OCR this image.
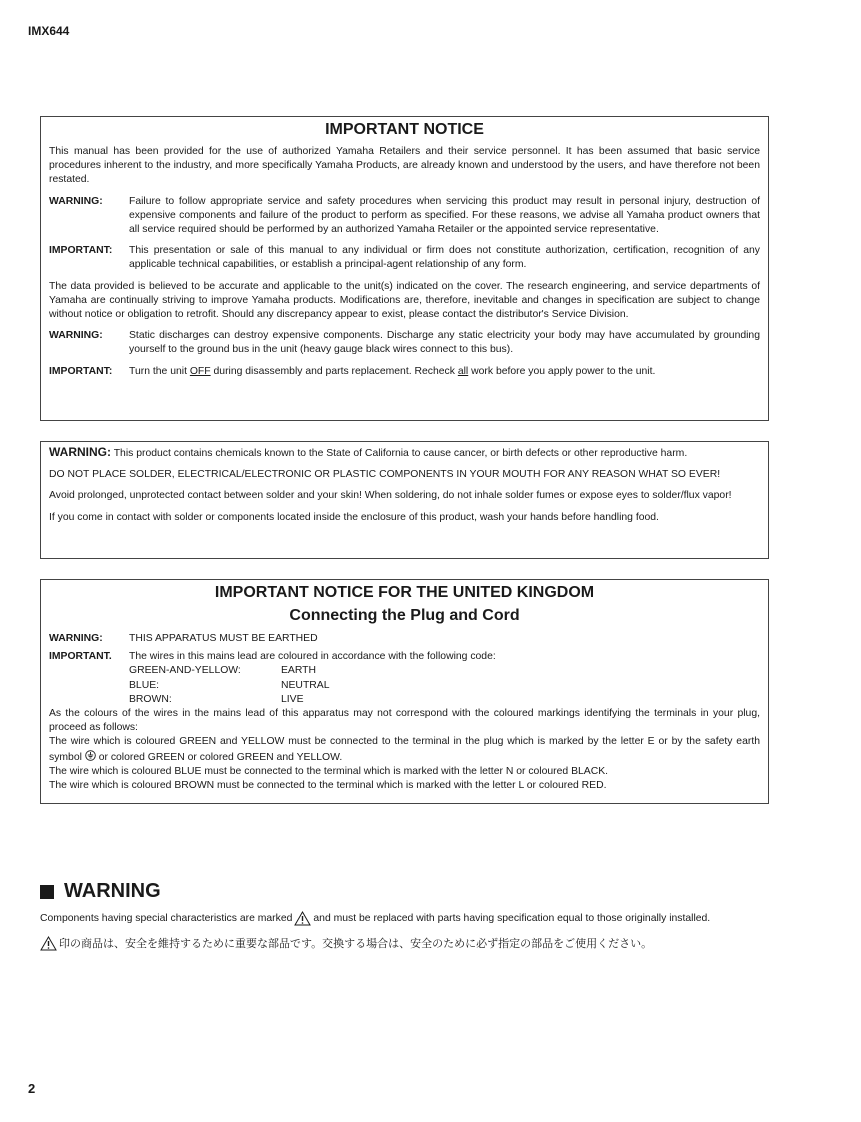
IMX644
IMPORTANT NOTICE

This manual has been provided for the use of authorized Yamaha Retailers and their service personnel. It has been assumed that basic service procedures inherent to the industry, and more specifically Yamaha Products, are already known and understood by the users, and have therefore not been restated.

WARNING:	Failure to follow appropriate service and safety procedures when servicing this product may result in personal injury, destruction of expensive components and failure of the product to perform as specified. For these reasons, we advise all Yamaha product owners that all service required should be performed by an authorized Yamaha Retailer or the appointed service representative.
IMPORTANT:	This presentation or sale of this manual to any individual or firm does not constitute authorization, certification, recognition of any applicable technical capabilities, or establish a principal-agent relationship of any form.

The data provided is believed to be accurate and applicable to the unit(s) indicated on the cover. The research engineering, and service departments of Yamaha are continually striving to improve Yamaha products. Modifications are, therefore, inevitable and changes in specification are subject to change without notice or obligation to retrofit. Should any discrepancy appear to exist, please contact the distributor's Service Division.

WARNING:	Static discharges can destroy expensive components. Discharge any static electricity your body may have accumulated by grounding yourself to the ground bus in the unit (heavy gauge black wires connect to this bus).
IMPORTANT:	Turn the unit OFF during disassembly and parts replacement. Recheck all work before you apply power to the unit.

WARNING: This product contains chemicals known to the State of California to cause cancer, or birth defects or other reproductive harm.

DO NOT PLACE SOLDER, ELECTRICAL/ELECTRONIC OR PLASTIC COMPONENTS IN YOUR MOUTH FOR ANY REASON WHAT SO EVER!

Avoid prolonged, unprotected contact between solder and your skin! When soldering, do not inhale solder fumes or expose eyes to solder/flux vapor!

If you come in contact with solder or components located inside the enclosure of this product, wash your hands before handling food.

IMPORTANT NOTICE FOR THE UNITED KINGDOM
Connecting the Plug and Cord
WARNING:	THIS APPARATUS MUST BE EARTHED
IMPORTANT.	The wires in this mains lead are coloured in accordance with the following code:
GREEN-AND-YELLOW:	EARTH
BLUE:	NEUTRAL
BROWN:	LIVE

As the colours of the wires in the mains lead of this apparatus may not correspond with the coloured markings identifying the terminals in your plug, proceed as follows:

The wire which is coloured GREEN and YELLOW must be connected to the terminal in the plug which is marked by the letter E or by the safety earth symbol or colored GREEN or colored GREEN and YELLOW.

The wire which is coloured BLUE must be connected to the terminal which is marked with the letter N or coloured BLACK.

The wire which is coloured BROWN must be connected to the terminal which is marked with the letter L or coloured RED.

WARNING
Components having special characteristics are marked and must be replaced with parts having specification equal to those originally installed.
印の商品は、安全を維持するために重要な部品です。交換する場合は、安全のために必ず指定の部品をご使用ください。
2
